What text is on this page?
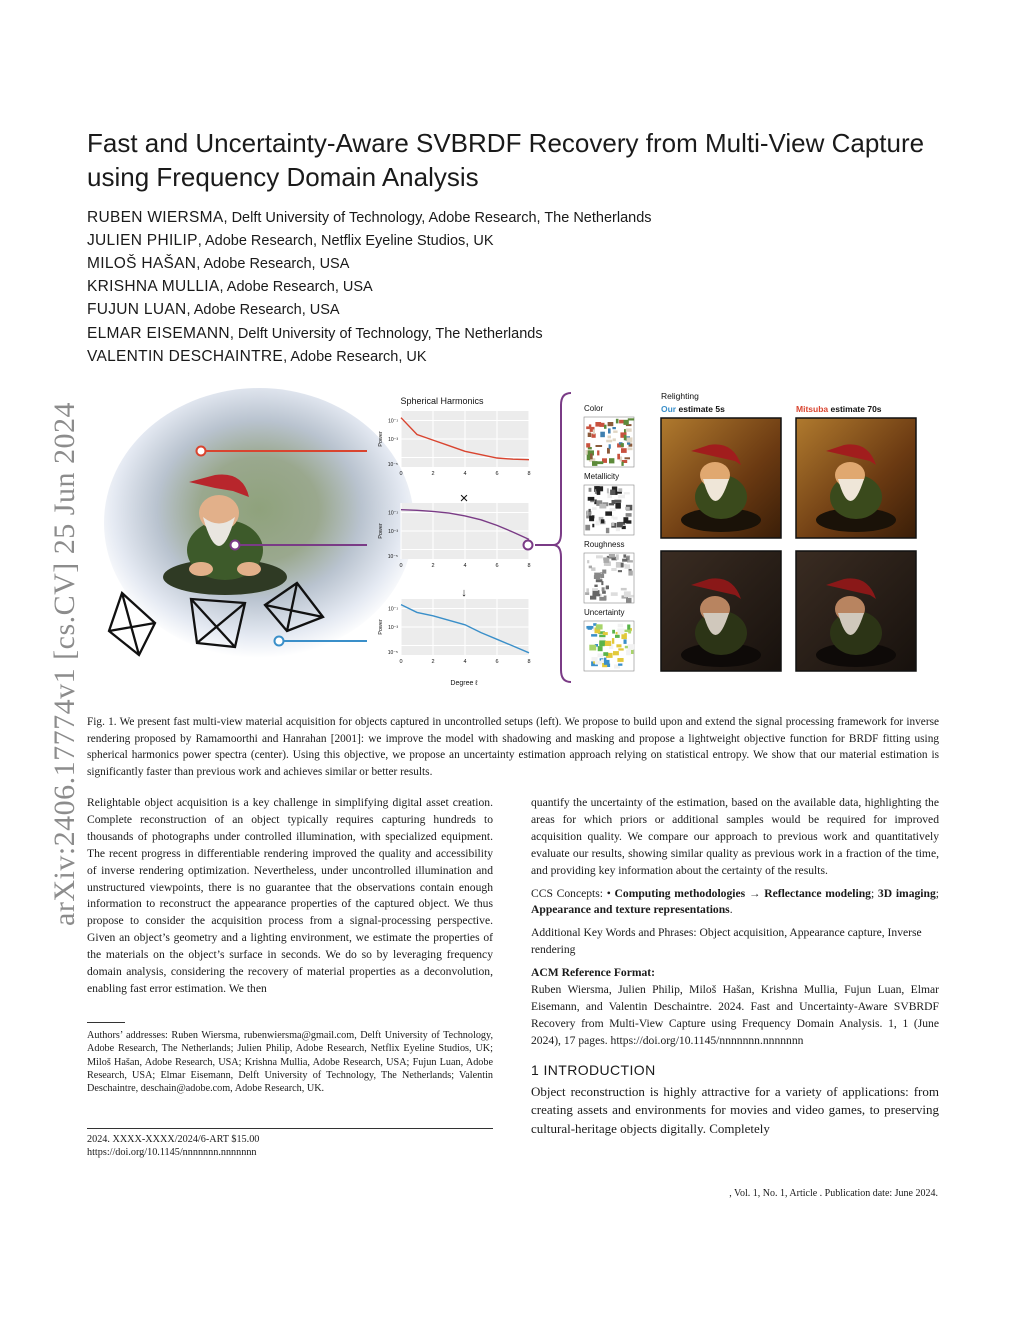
arXiv:2406.17774v1 [cs.CV] 25 Jun 2024
Fast and Uncertainty-Aware SVBRDF Recovery from Multi-View Capture using Frequency Domain Analysis
RUBEN WIERSMA, Delft University of Technology, Adobe Research, The Netherlands
JULIEN PHILIP, Adobe Research, Netflix Eyeline Studios, UK
MILOŠ HAŠAN, Adobe Research, USA
KRISHNA MULLIA, Adobe Research, USA
FUJUN LUAN, Adobe Research, USA
ELMAR EISEMANN, Delft University of Technology, The Netherlands
VALENTIN DESCHAINTRE, Adobe Research, UK
Spherical Harmonics
10⁻¹
10⁻³
10⁻⁵
0	2	4	6	8
Power
10⁻¹
10⁻³
10⁻⁵
0	2	4	6	8
Power
10⁻¹
10⁻³
10⁻⁵
0	2	4	6	8
Power
×
↓
Degree ℓ
Color
Metallicity
Roughness
Uncertainty
Relighting
Our estimate 5s	Mitsuba estimate 70s

Fig. 1. We present fast multi-view material acquisition for objects captured in uncontrolled setups (left). We propose to build upon and extend the signal processing framework for inverse rendering proposed by Ramamoorthi and Hanrahan [2001]: we improve the model with shadowing and masking and propose a lightweight objective function for BRDF fitting using spherical harmonics power spectra (center). Using this objective, we propose an uncertainty estimation approach relying on statistical entropy. We show that our material estimation is significantly faster than previous work and achieves similar or better results.

Relightable object acquisition is a key challenge in simplifying digital asset creation. Complete reconstruction of an object typically requires capturing hundreds to thousands of photographs under controlled illumination, with specialized equipment. The recent progress in differentiable rendering improved the quality and accessibility of inverse rendering optimization. Nevertheless, under uncontrolled illumination and unstructured viewpoints, there is no guarantee that the observations contain enough information to reconstruct the appearance properties of the captured object. We thus propose to consider the acquisition process from a signal-processing perspective. Given an object’s geometry and a lighting environment, we estimate the properties of the materials on the object’s surface in seconds. We do so by leveraging frequency domain analysis, considering the recovery of material properties as a deconvolution, enabling fast error estimation. We then

Authors’ addresses: Ruben Wiersma, rubenwiersma@gmail.com, Delft University of Technology, Adobe Research, The Netherlands; Julien Philip, Adobe Research, Netflix Eyeline Studios, UK; Miloš Hašan, Adobe Research, USA; Krishna Mullia, Adobe Research, USA; Fujun Luan, Adobe Research, USA; Elmar Eisemann, Delft University of Technology, The Netherlands; Valentin Deschaintre, deschain@adobe.com, Adobe Research, UK.

2024. XXXX-XXXX/2024/6-ART $15.00

https://doi.org/10.1145/nnnnnnn.nnnnnnn

quantify the uncertainty of the estimation, based on the available data, highlighting the areas for which priors or additional samples would be required for improved acquisition quality. We compare our approach to previous work and quantitatively evaluate our results, showing similar quality as previous work in a fraction of the time, and providing key information about the certainty of the results.

CCS Concepts: • Computing methodologies → Reflectance modeling; 3D imaging; Appearance and texture representations.

Additional Key Words and Phrases: Object acquisition, Appearance capture, Inverse rendering

ACM Reference Format:

Ruben Wiersma, Julien Philip, Miloš Hašan, Krishna Mullia, Fujun Luan, Elmar Eisemann, and Valentin Deschaintre. 2024. Fast and Uncertainty-Aware SVBRDF Recovery from Multi-View Capture using Frequency Domain Analysis. 1, 1 (June 2024), 17 pages. https://doi.org/10.1145/nnnnnnn.nnnnnnn

1 INTRODUCTION

Object reconstruction is highly attractive for a variety of applications: from creating assets and environments for movies and video games, to preserving cultural-heritage objects digitally. Completely

, Vol. 1, No. 1, Article . Publication date: June 2024.
